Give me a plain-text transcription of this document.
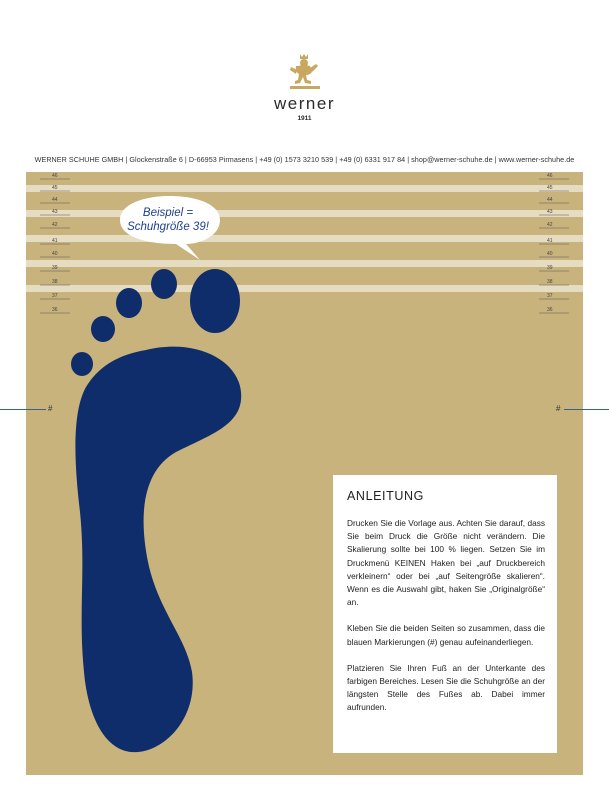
werner
1911
WERNER SCHUHE GMBH | Glockenstraße 6 | D-66953 Pirmasens | +49 (0) 1573 3210 539 | +49 (0) 6331 917 84 | shop@werner-schuhe.de | www.werner-schuhe.de
46
45
44
43
42
41
40
39
38
37
36
46
45
44
43
42
41
40
39
38
37
36
#	#
Beispiel =
Schuhgröße 39!
ANLEITUNG

Drucken Sie die Vorlage aus. Achten Sie darauf, dass Sie beim Druck die Größe nicht verändern. Die Skalierung sollte bei 100 % liegen. Setzen Sie im Druckmenü KEINEN Haken bei „auf Druckbereich verkleinern“ oder bei „auf Seitengröße skalieren“. Wenn es die Auswahl gibt, haken Sie „Originalgröße“ an.

Kleben Sie die beiden Seiten so zusammen, dass die blauen Markierungen (#) genau aufeinanderliegen.

Platzieren Sie Ihren Fuß an der Unterkante des farbigen Bereiches. Lesen Sie die Schuhgröße an der längsten Stelle des Fußes ab. Dabei immer aufrunden.
